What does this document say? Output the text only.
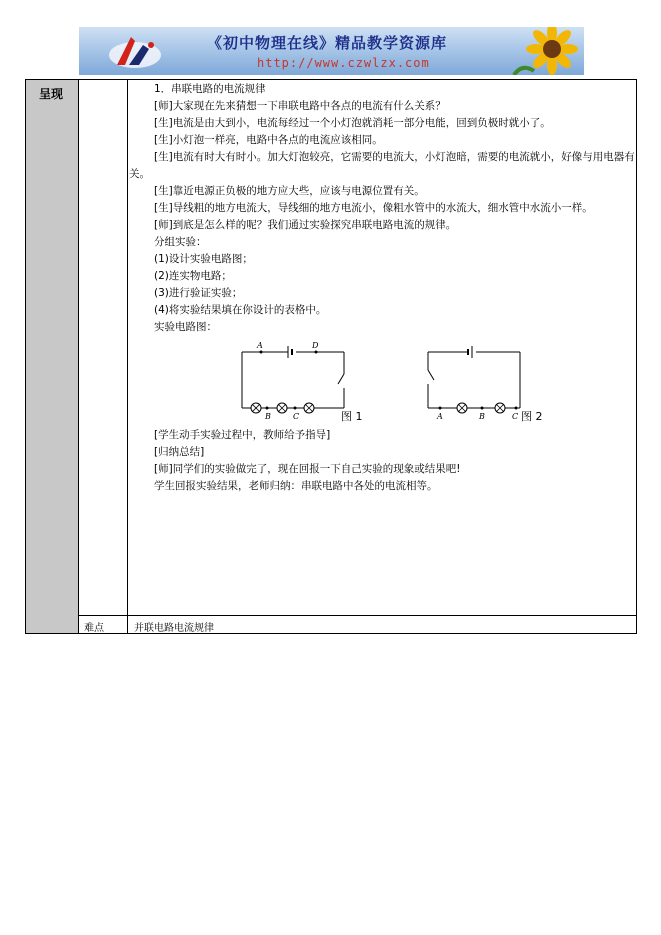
《初中物理在线》精品教学资源库
http://www.czwlzx.com
呈现
难点	并联电路电流规律

1．串联电路的电流规律

[师]大家现在先来猜想一下串联电路中各点的电流有什么关系？

[生]电流是由大到小，电流每经过一个小灯泡就消耗一部分电能，回到负极时就小了。

[生]小灯泡一样亮，电路中各点的电流应该相同。

[生]电流有时大有时小。加大灯泡较亮，它需要的电流大，小灯泡暗，需要的电流就小，好像与用电器有关。

[生]靠近电源正负极的地方应大些，应该与电源位置有关。

[生]导线粗的地方电流大，导线细的地方电流小，像粗水管中的水流大，细水管中水流小一样。

[师]到底是怎么样的呢？我们通过实验探究串联电路电流的规律。

分组实验：

(1)设计实验电路图；

(2)连实物电路；

(3)进行验证实验；

(4)将实验结果填在你设计的表格中。

实验电路图：

[学生动手实验过程中，教师给予指导]

[归纳总结]

[师]同学们的实验做完了，现在回报一下自己实验的现象或结果吧!

学生回报实验结果，老师归纳：串联电路中各处的电流相等。

A	D
B	C	图 1	A	B	C 图 2
